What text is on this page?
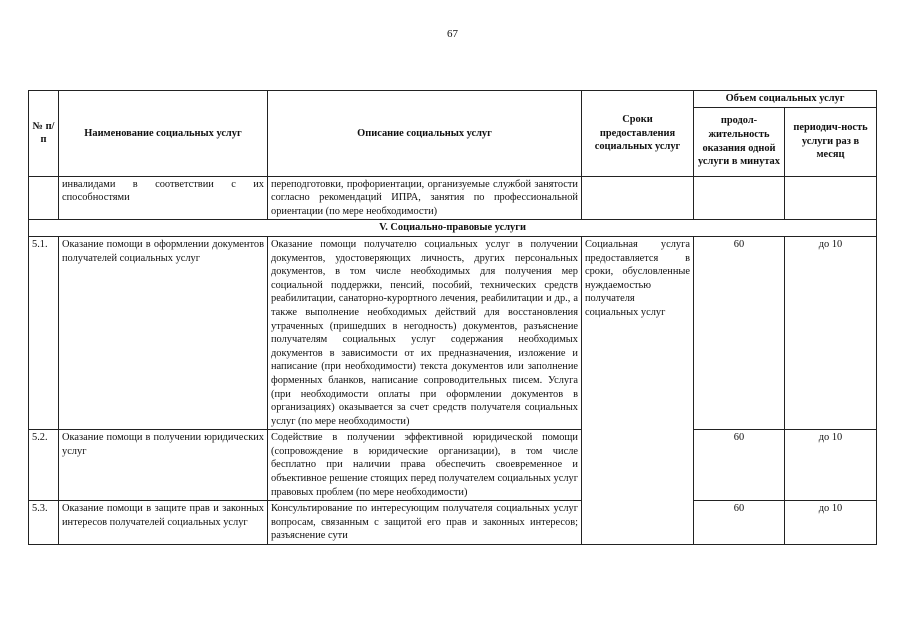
67
№ п/п	Наименование социальных услуг	Описание социальных услуг	Сроки предоставления социальных услуг	Объем социальных услуг	
				продол-жительность оказания одной услуги в минутах	периодич-ность услуги раз в месяц
	инвалидами в соответствии с их способностями	переподготовки, профориентации, организуемые службой занятости согласно рекомендаций ИПРА, занятия по профессиональной ориентации (по мере необходимости)			
V. Социально-правовые услуги					
5.1.	Оказание помощи в оформлении документов получателей социальных услуг	Оказание помощи получателю социальных услуг в получении документов, удостоверяющих личность, других персональных документов, в том числе необходимых для получения мер социальной поддержки, пенсий, пособий, технических средств реабилитации, санаторно-курортного лечения, реабилитации и др., а также выполнение необходимых действий для восстановления утраченных (пришедших в негодность) документов, разъяснение получателям социальных услуг содержания необходимых документов в зависимости от их предназначения, изложение и написание (при необходимости) текста документов или заполнение форменных бланков, написание сопроводительных писем. Услуга (при необходимости оплаты при оформлении документов в организациях) оказывается за счет средств получателя социальных услуг (по мере необходимости)	Социальная услуга предоставляется в сроки, обусловленные нуждаемостью получателя социальных услуг	60	до 10
5.2.	Оказание помощи в получении юридических услуг	Содействие в получении эффективной юридической помощи (сопровождение в юридические организации), в том числе бесплатно при наличии права обеспечить своевременное и объективное решение стоящих перед получателем социальных услуг правовых проблем (по мере необходимости)		60	до 10
5.3.	Оказание помощи в защите прав и законных интересов получателей социальных услуг	Консультирование по интересующим получателя социальных услуг вопросам, связанным с защитой его прав и законных интересов; разъяснение сути		60	до 10
